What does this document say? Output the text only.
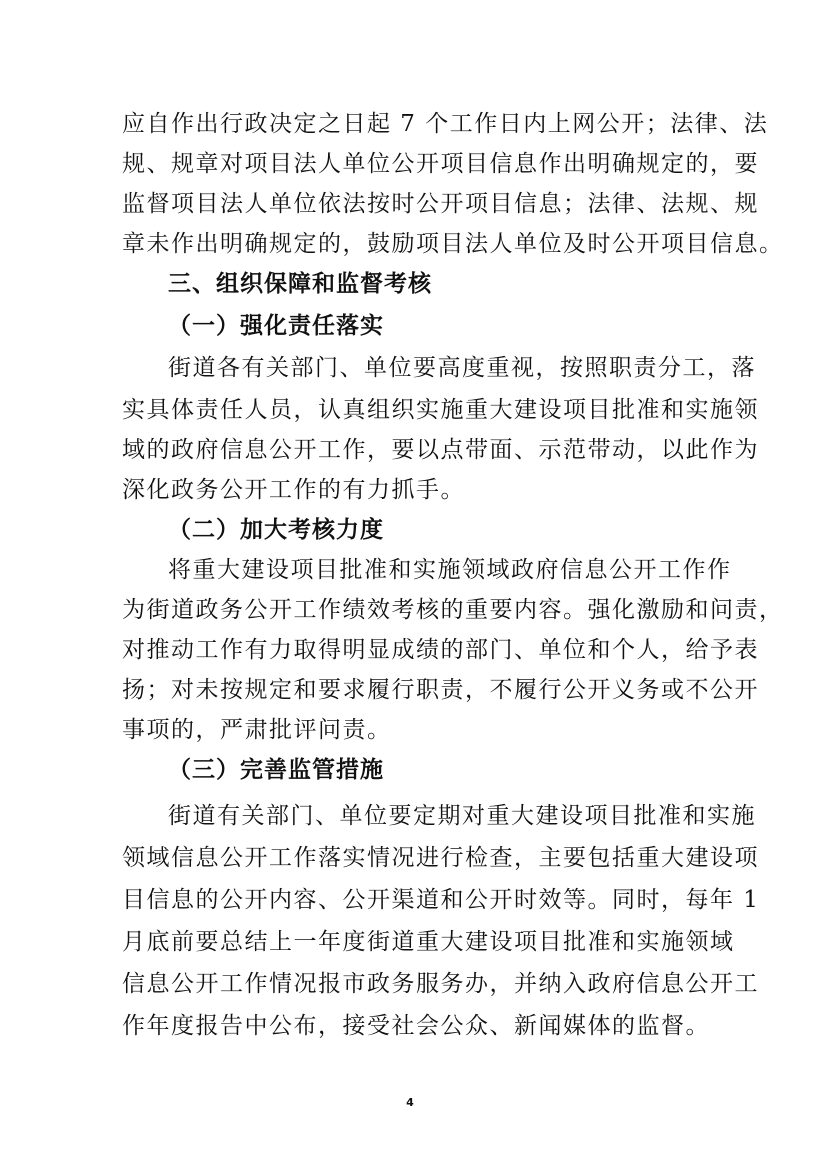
应自作出行政决定之日起 7 个工作日内上网公开；法律、法
规、规章对项目法人单位公开项目信息作出明确规定的，要
监督项目法人单位依法按时公开项目信息；法律、法规、规
章未作出明确规定的，鼓励项目法人单位及时公开项目信息。
三、组织保障和监督考核
（一）强化责任落实
街道各有关部门、单位要高度重视，按照职责分工，落
实具体责任人员，认真组织实施重大建设项目批准和实施领
域的政府信息公开工作，要以点带面、示范带动，以此作为
深化政务公开工作的有力抓手。
（二）加大考核力度
将重大建设项目批准和实施领域政府信息公开工作作
为街道政务公开工作绩效考核的重要内容。强化激励和问责，
对推动工作有力取得明显成绩的部门、单位和个人，给予表
扬；对未按规定和要求履行职责，不履行公开义务或不公开
事项的，严肃批评问责。
（三）完善监管措施
街道有关部门、单位要定期对重大建设项目批准和实施
领域信息公开工作落实情况进行检查，主要包括重大建设项
目信息的公开内容、公开渠道和公开时效等。同时，每年 1
月底前要总结上一年度街道重大建设项目批准和实施领域
信息公开工作情况报市政务服务办，并纳入政府信息公开工
作年度报告中公布，接受社会公众、新闻媒体的监督。
4
